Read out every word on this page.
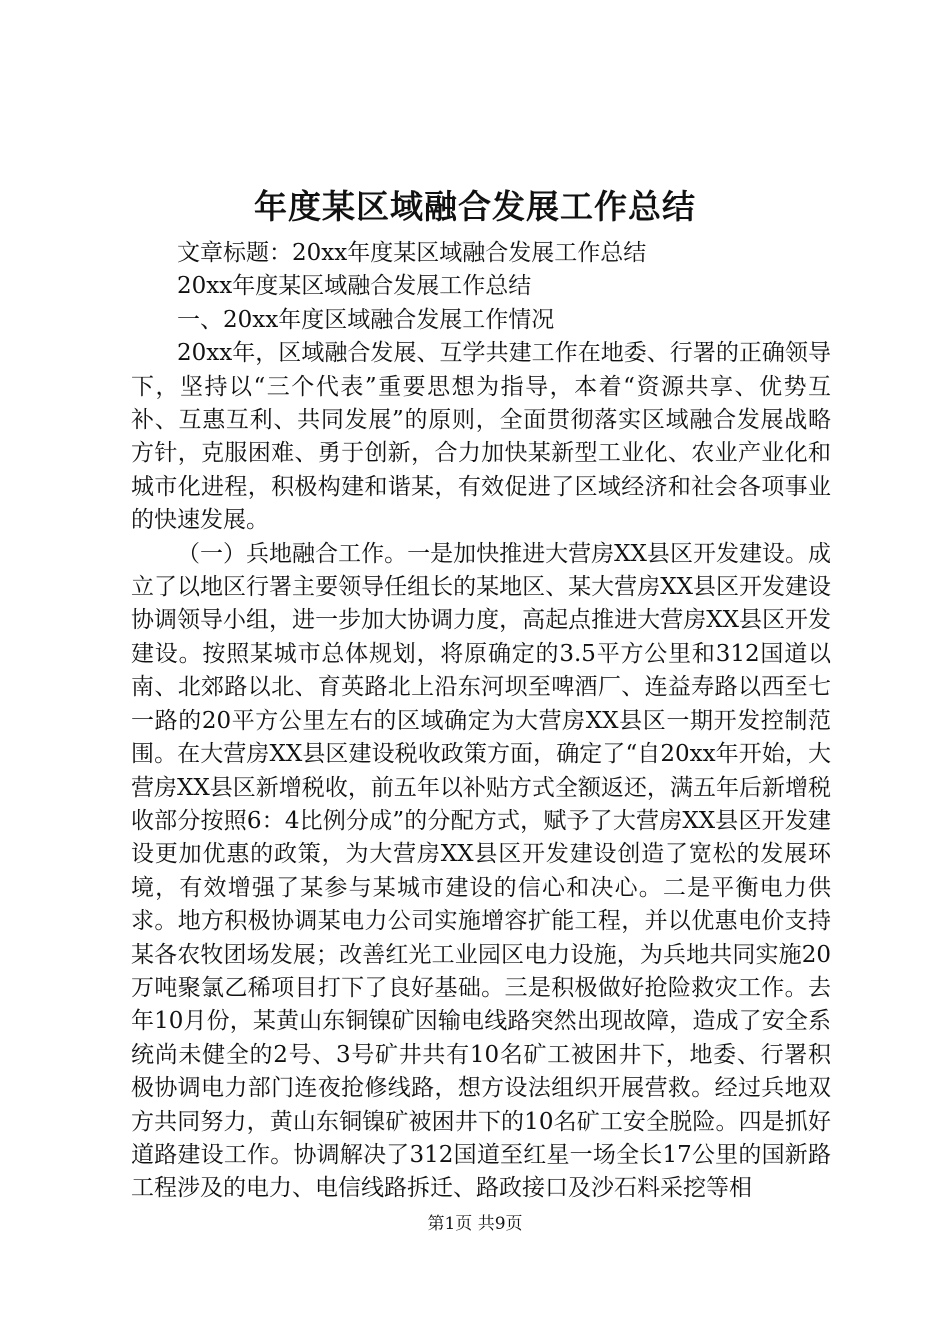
年度某区域融合发展工作总结

文章标题：20xx年度某区域融合发展工作总结

20xx年度某区域融合发展工作总结

一、20xx年度区域融合发展工作情况

20xx年，区域融合发展、互学共建工作在地委、行署的正确领导下，坚持以“三个代表”重要思想为指导，本着“资源共享、优势互补、互惠互利、共同发展”的原则，全面贯彻落实区域融合发展战略方针，克服困难、勇于创新，合力加快某新型工业化、农业产业化和城市化进程，积极构建和谐某，有效促进了区域经济和社会各项事业的快速发展。

（一）兵地融合工作。一是加快推进大营房XX县区开发建设。成立了以地区行署主要领导任组长的某地区、某大营房XX县区开发建设协调领导小组，进一步加大协调力度，高起点推进大营房XX县区开发建设。按照某城市总体规划，将原确定的3.5平方公里和312国道以南、北郊路以北、育英路北上沿东河坝至啤酒厂、连益寿路以西至七一路的20平方公里左右的区域确定为大营房XX县区一期开发控制范围。在大营房XX县区建设税收政策方面，确定了“自20xx年开始，大营房XX县区新增税收，前五年以补贴方式全额返还，满五年后新增税收部分按照6：4比例分成”的分配方式，赋予了大营房XX县区开发建设更加优惠的政策，为大营房XX县区开发建设创造了宽松的发展环境，有效增强了某参与某城市建设的信心和决心。二是平衡电力供求。地方积极协调某电力公司实施增容扩能工程，并以优惠电价支持某各农牧团场发展；改善红光工业园区电力设施，为兵地共同实施20万吨聚氯乙稀项目打下了良好基础。三是积极做好抢险救灾工作。去年10月份，某黄山东铜镍矿因输电线路突然出现故障，造成了安全系统尚未健全的2号、3号矿井共有10名矿工被困井下，地委、行署积极协调电力部门连夜抢修线路，想方设法组织开展营救。经过兵地双方共同努力，黄山东铜镍矿被困井下的10名矿工安全脱险。四是抓好道路建设工作。协调解决了312国道至红星一场全长17公里的国新路工程涉及的电力、电信线路拆迁、路政接口及沙石料采挖等相

第1页 共9页
